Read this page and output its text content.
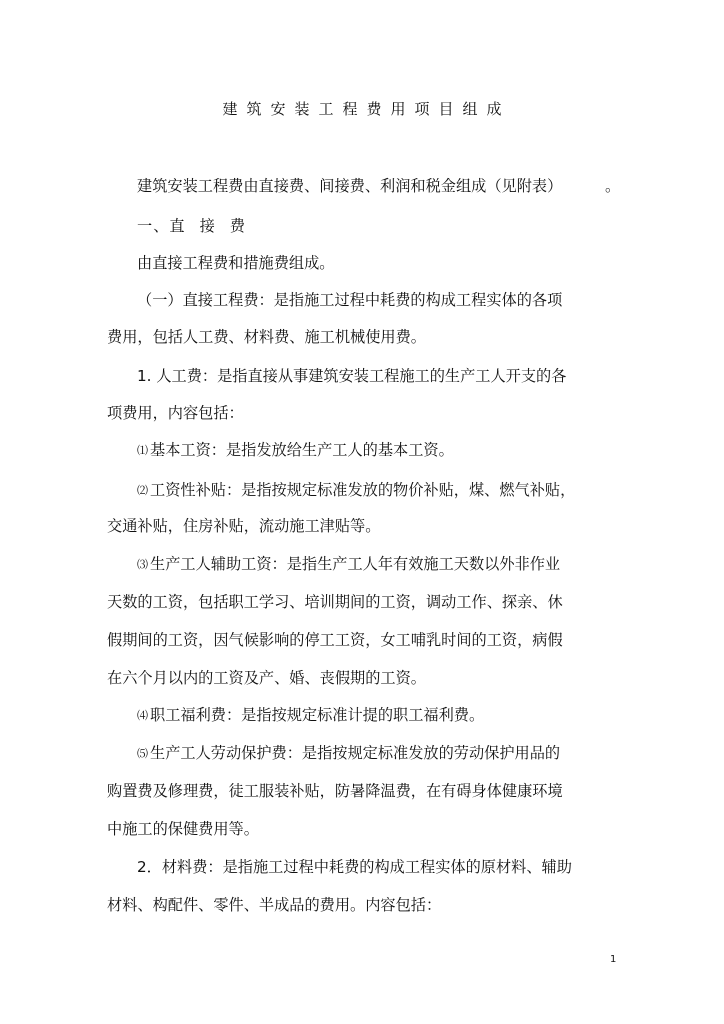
建筑安装工程费用项目组成
建筑安装工程费由直接费、间接费、利润和税金组成（见附表）	。
一、直 接 费
由直接工程费和措施费组成。
（一）直接工程费：是指施工过程中耗费的构成工程实体的各项
费用，包括人工费、材料费、施工机械使用费。
1. 人工费：是指直接从事建筑安装工程施工的生产工人开支的各
项费用，内容包括：
⑴ 基本工资：是指发放给生产工人的基本工资。
⑵ 工资性补贴：是指按规定标准发放的物价补贴，煤、燃气补贴，
交通补贴，住房补贴，流动施工津贴等。
⑶ 生产工人辅助工资：是指生产工人年有效施工天数以外非作业
天数的工资，包括职工学习、培训期间的工资，调动工作、探亲、休
假期间的工资，因气候影响的停工工资，女工哺乳时间的工资，病假
在六个月以内的工资及产、婚、丧假期的工资。
⑷ 职工福利费：是指按规定标准计提的职工福利费。
⑸ 生产工人劳动保护费：是指按规定标准发放的劳动保护用品的
购置费及修理费，徒工服装补贴，防暑降温费，在有碍身体健康环境
中施工的保健费用等。
2．材料费：是指施工过程中耗费的构成工程实体的原材料、辅助
材料、构配件、零件、半成品的费用。内容包括：
1
